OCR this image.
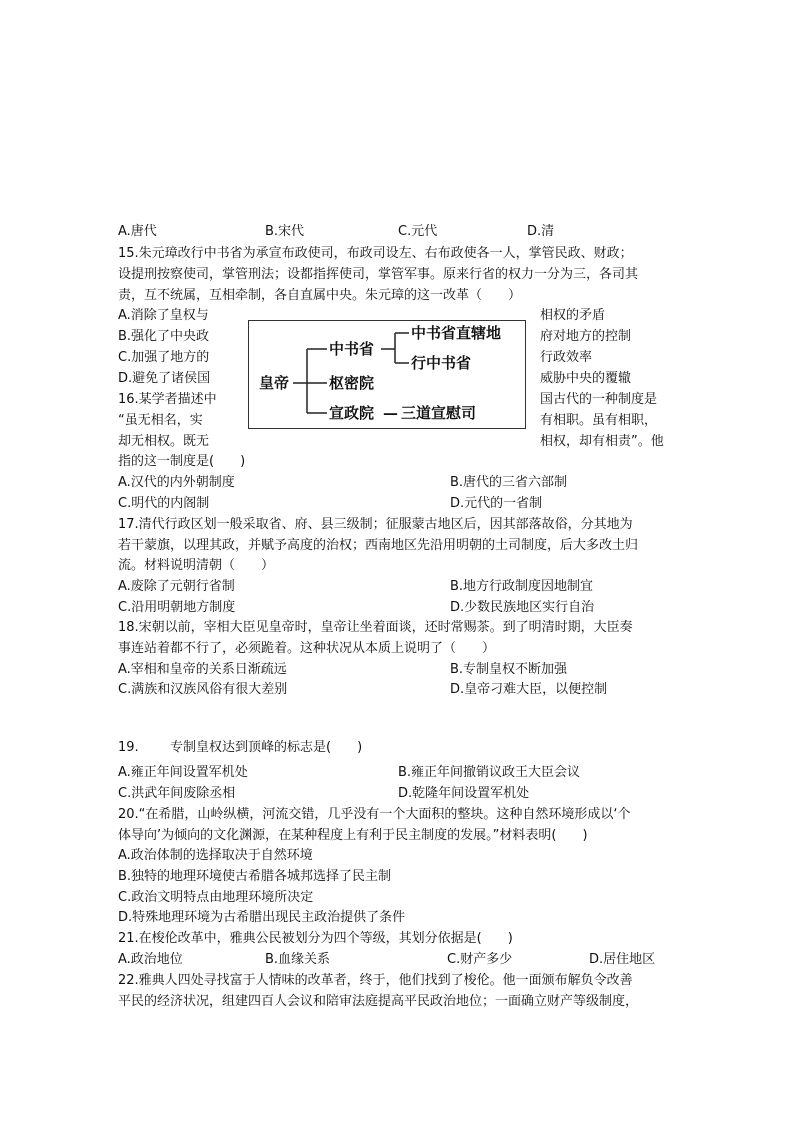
A.唐代	B.宋代	C.元代	D.清
15.朱元璋改行中书省为承宣布政使司，布政司设左、右布政使各一人，掌管民政、财政；
设提刑按察使司，掌管刑法；设都指挥使司，掌管军事。原来行省的权力一分为三，各司其
责，互不统属，互相牵制，各自直属中央。朱元璋的这一改革（　　）
A.消除了皇权与
B.强化了中央政
C.加强了地方的
D.避免了诸侯国
相权的矛盾
府对地方的控制
行政效率
威胁中央的覆辙
皇帝
中书省
中书省直辖地
行中书省
枢密院
宣政院 — 三道宣慰司
16.某学者描述中
“虽无相名，实
却无相权。既无
国古代的一种制度是
有相职。虽有相职，
相权，却有相责”。他
指的这一制度是(　　)
A.汉代的内外朝制度	B.唐代的三省六部制
C.明代的内阁制	D.元代的一省制
17.清代行政区划一般采取省、府、县三级制；征服蒙古地区后，因其部落故俗，分其地为
若干蒙旗，以理其政，并赋予高度的治权；西南地区先沿用明朝的土司制度，后大多改土归
流。材料说明清朝（　　）
A.废除了元朝行省制	B.地方行政制度因地制宜
C.沿用明朝地方制度	D.少数民族地区实行自治
18.宋朝以前，宰相大臣见皇帝时，皇帝让坐着面谈，还时常赐茶。到了明清时期，大臣奏
事连站着都不行了，必须跪着。这种状况从本质上说明了（　　）
A.宰相和皇帝的关系日渐疏远	B.专制皇权不断加强
C.满族和汉族风俗有很大差别	D.皇帝刁难大臣，以便控制
19. 专制皇权达到顶峰的标志是(　　)
A.雍正年间设置军机处	B.雍正年间撤销议政王大臣会议
C.洪武年间废除丞相	D.乾隆年间设置军机处
20.“在希腊，山岭纵横，河流交错，几乎没有一个大面积的整块。这种自然环境形成以‘个
体导向’为倾向的文化渊源，在某种程度上有利于民主制度的发展。”材料表明(　　)
A.政治体制的选择取决于自然环境
B.独特的地理环境使古希腊各城邦选择了民主制
C.政治文明特点由地理环境所决定
D.特殊地理环境为古希腊出现民主政治提供了条件
21.在梭伦改革中，雅典公民被划分为四个等级，其划分依据是(　　)
A.政治地位	B.血缘关系	C.财产多少	D.居住地区
22.雅典人四处寻找富于人情味的改革者，终于，他们找到了梭伦。他一面颁布解负令改善
平民的经济状况，组建四百人会议和陪审法庭提高平民政治地位；一面确立财产等级制度，
